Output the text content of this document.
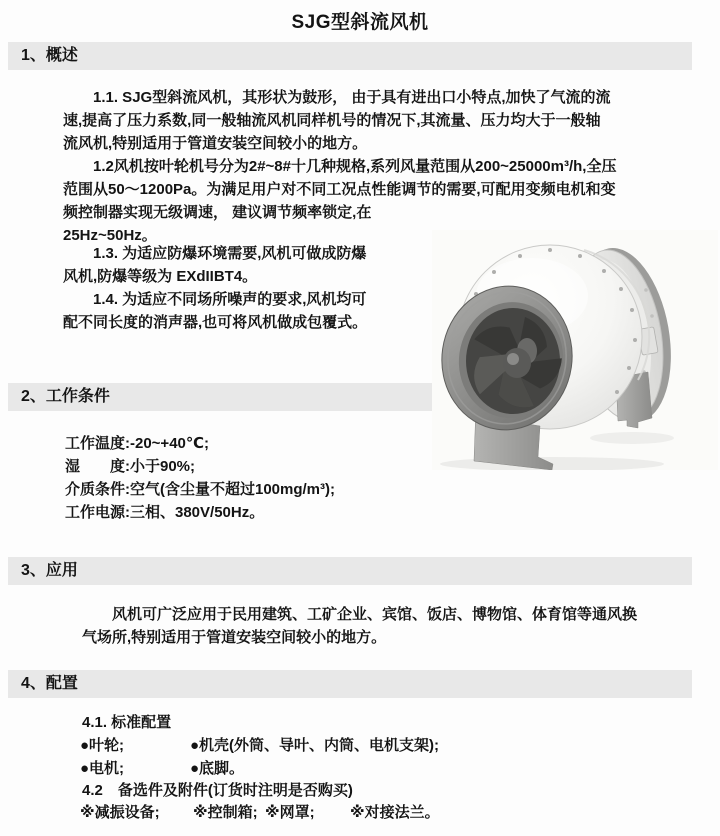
SJG型斜流风机
1、概述
2、工作条件
3、应用
4、配置
1.1. SJG型斜流风机，其形状为鼓形， 由于具有进出口小特点,加快了气流的流
速,提高了压力系数,同一般轴流风机同样机号的情况下,其流量、压力均大于一般轴
流风机,特别适用于管道安装空间较小的地方。
1.2风机按叶轮机号分为2#~8#十几种规格,系列风量范围从200~25000m³/h,全压
范围从50～1200Pa。为满足用户对不同工况点性能调节的需要,可配用变频电机和变
频控制器实现无级调速， 建议调节频率锁定,在
25Hz~50Hz。
1.3. 为适应防爆环境需要,风机可做成防爆
风机,防爆等级为 EXdIIBT4。
1.4. 为适应不同场所噪声的要求,风机均可
配不同长度的消声器,也可将风机做成包覆式。
工作温度:-20~+40℃;
湿　　度:小于90%;
介质条件:空气(含尘量不超过100mg/m³);
工作电源:三相、380V/50Hz。
风机可广泛应用于民用建筑、工矿企业、宾馆、饭店、博物馆、体育馆等通风换
气场所,特别适用于管道安装空间较小的地方。
4.1. 标准配置
●叶轮;	●机壳(外筒、导叶、内筒、电机支架);
●电机;	●底脚。
4.2　备选件及附件(订货时注明是否购买)
※减振设备; ※控制箱; ※网罩; ※对接法兰。
